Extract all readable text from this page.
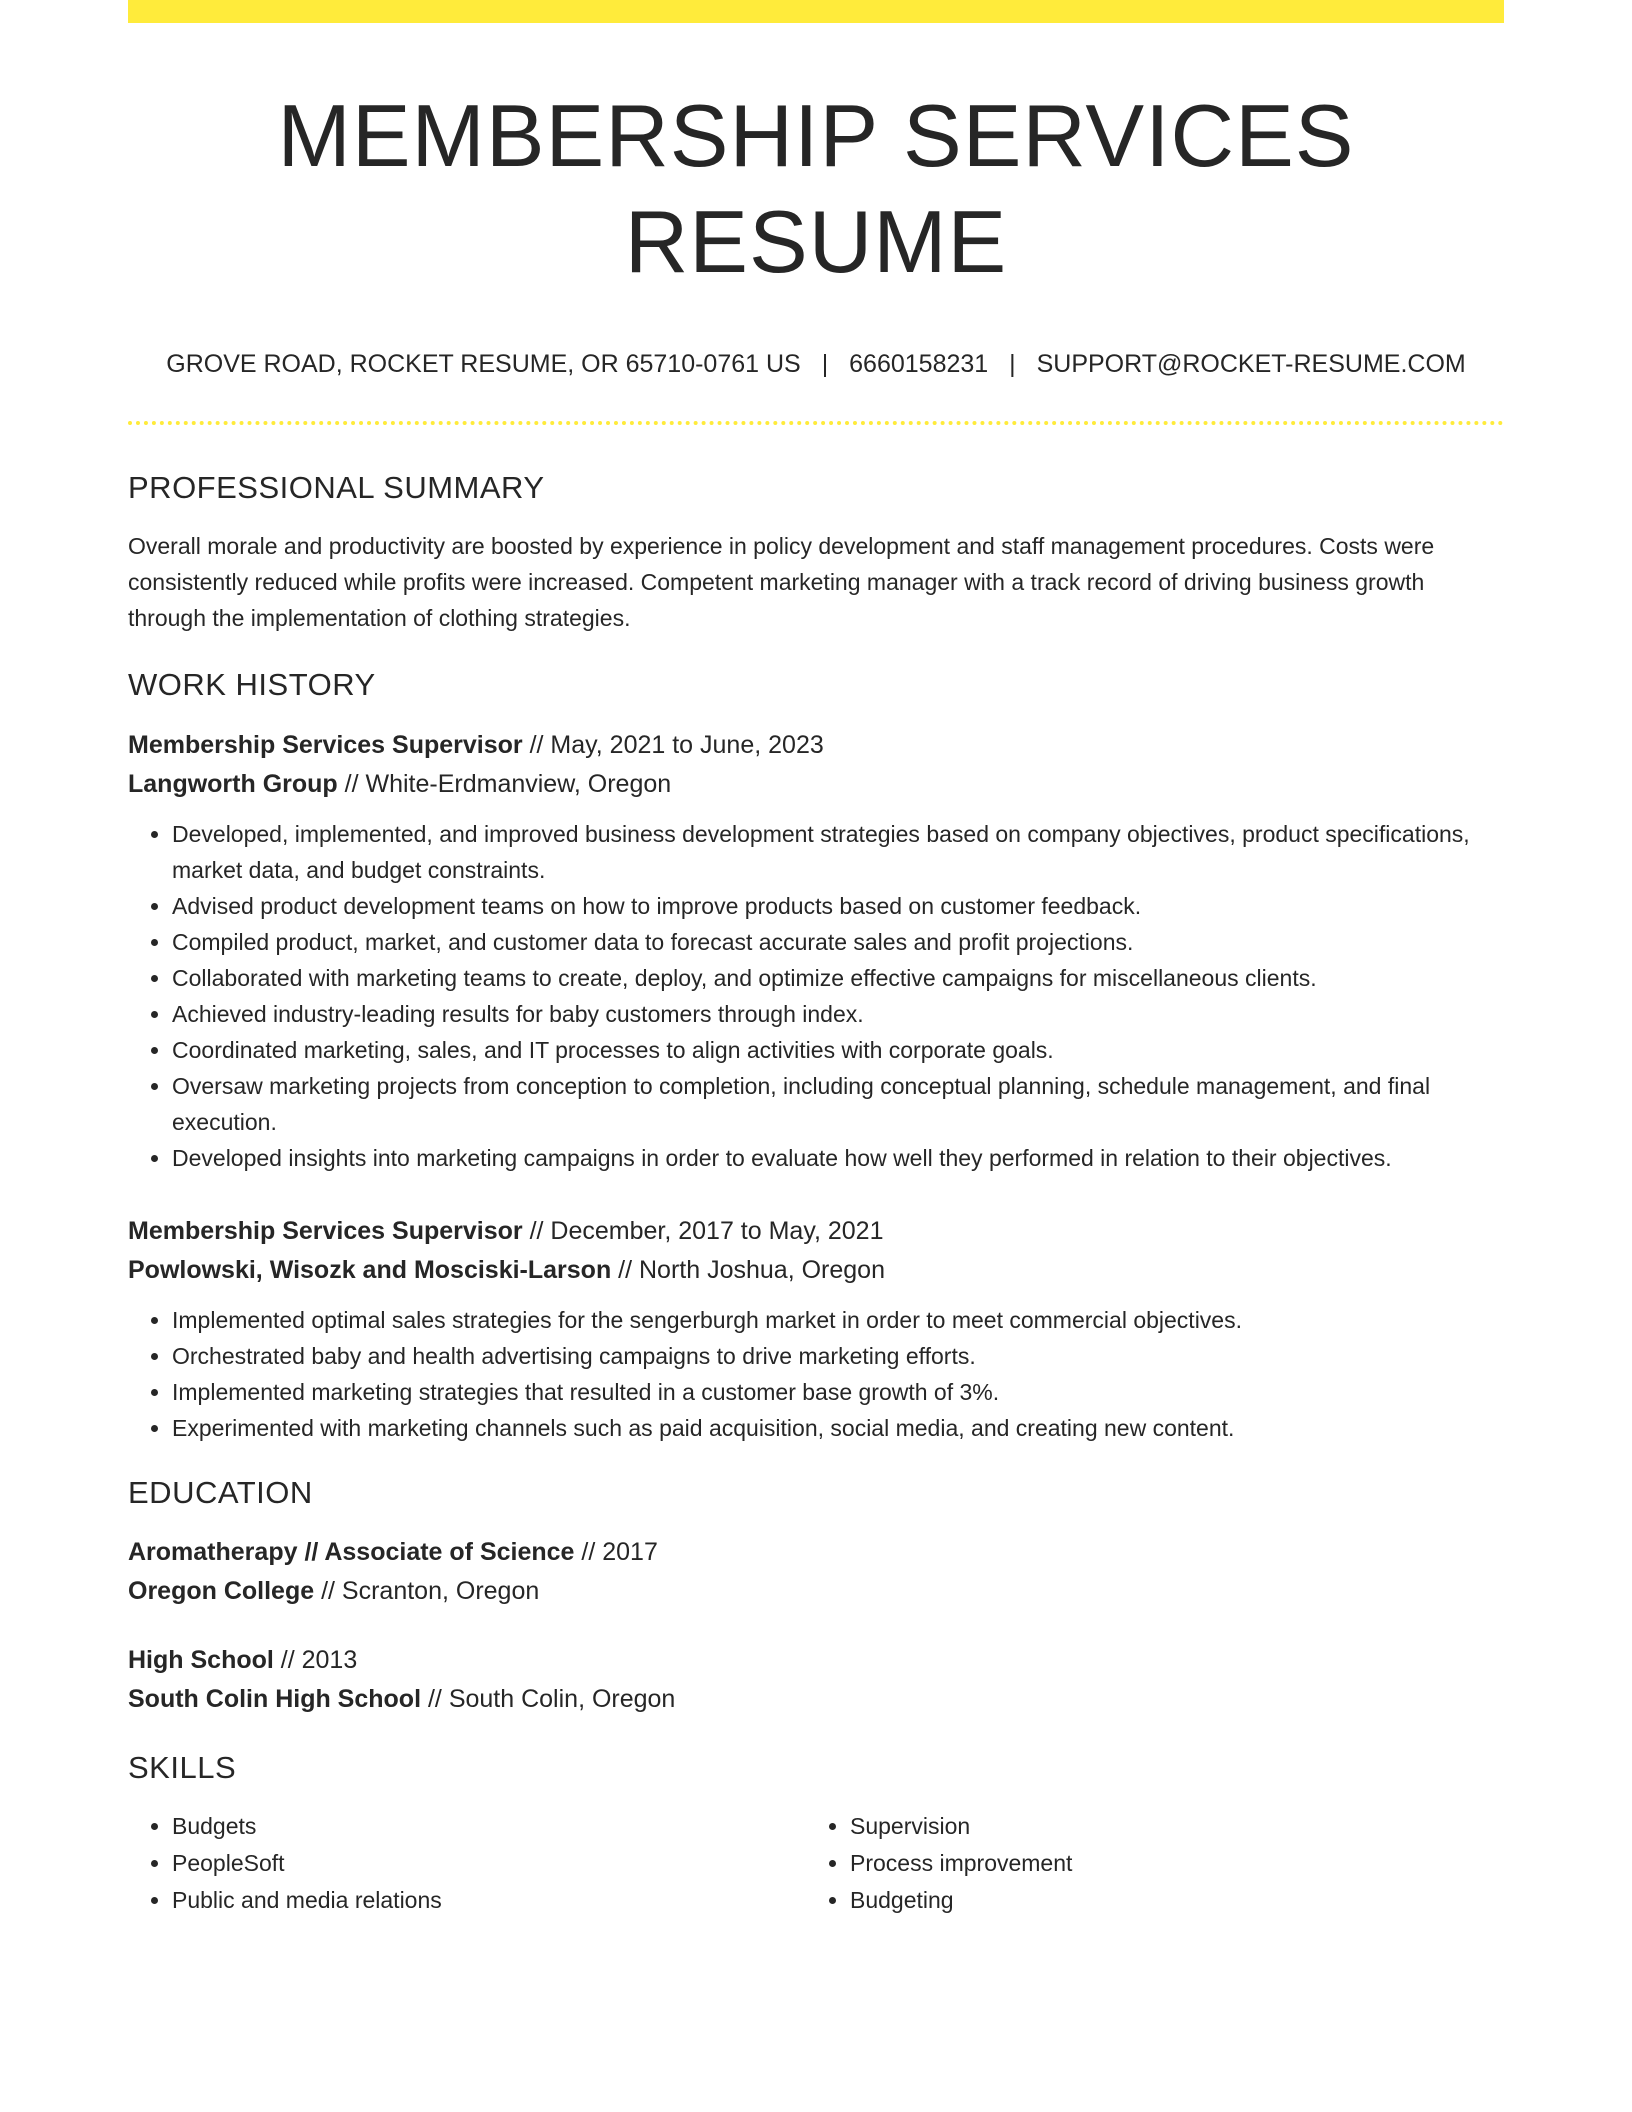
MEMBERSHIP SERVICES RESUME
GROVE ROAD, ROCKET RESUME, OR 65710-0761 US | 6660158231 | SUPPORT@ROCKET-RESUME.COM
PROFESSIONAL SUMMARY
Overall morale and productivity are boosted by experience in policy development and staff management procedures. Costs were consistently reduced while profits were increased. Competent marketing manager with a track record of driving business growth through the implementation of clothing strategies.
WORK HISTORY
Membership Services Supervisor // May, 2021 to June, 2023
Langworth Group // White-Erdmanview, Oregon
• Developed, implemented, and improved business development strategies based on company objectives, product specifications, market data, and budget constraints.
• Advised product development teams on how to improve products based on customer feedback.
• Compiled product, market, and customer data to forecast accurate sales and profit projections.
• Collaborated with marketing teams to create, deploy, and optimize effective campaigns for miscellaneous clients.
• Achieved industry-leading results for baby customers through index.
• Coordinated marketing, sales, and IT processes to align activities with corporate goals.
• Oversaw marketing projects from conception to completion, including conceptual planning, schedule management, and final execution.
• Developed insights into marketing campaigns in order to evaluate how well they performed in relation to their objectives.
Membership Services Supervisor // December, 2017 to May, 2021
Powlowski, Wisozk and Mosciski-Larson // North Joshua, Oregon
• Implemented optimal sales strategies for the sengerburgh market in order to meet commercial objectives.
• Orchestrated baby and health advertising campaigns to drive marketing efforts.
• Implemented marketing strategies that resulted in a customer base growth of 3%.
• Experimented with marketing channels such as paid acquisition, social media, and creating new content.
EDUCATION
Aromatherapy // Associate of Science // 2017
Oregon College // Scranton, Oregon
High School // 2013
South Colin High School // South Colin, Oregon
SKILLS
• Budgets
• PeopleSoft
• Public and media relations
• Supervision
• Process improvement
• Budgeting
